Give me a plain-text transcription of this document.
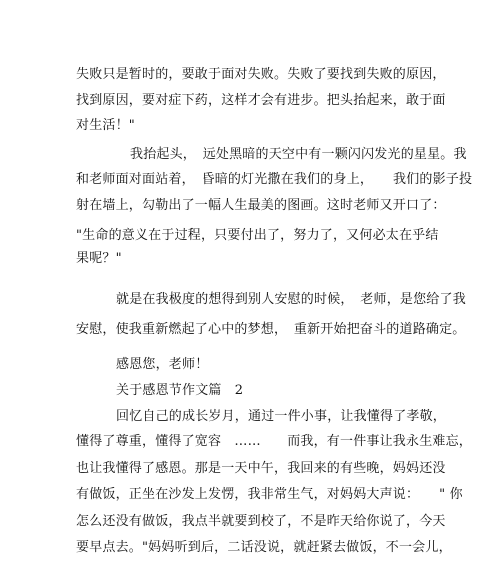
失败只是暂时的，要敢于面对失败。失败了要找到失败的原因，
找到原因，要对症下药，这样才会有进步。把头抬起来，敢于面
对生活！"
我抬起头，　远处黑暗的天空中有一颗闪闪发光的星星。我
和老师面对面站着，　昏暗的灯光撒在我们的身上，　　我们的影子投
射在墙上，勾勒出了一幅人生最美的图画。这时老师又开口了：
"生命的意义在于过程，只要付出了，努力了，又何必太在乎结
果呢？"
就是在我极度的想得到别人安慰的时候，　老师，是您给了我
安慰，使我重新燃起了心中的梦想，　重新开始把奋斗的道路确定。
感恩您，老师！
关于感恩节作文篇　2
回忆自己的成长岁月，通过一件小事，让我懂得了孝敬，
懂得了尊重，懂得了宽容　……　　而我，有一件事让我永生难忘，
也让我懂得了感恩。那是一天中午，我回来的有些晚，妈妈还没
有做饭，正坐在沙发上发愣，我非常生气，对妈妈大声说：　　" 你
怎么还没有做饭，我点半就要到校了，不是昨天给你说了，今天
要早点去。"妈妈听到后，二话没说，就赶紧去做饭，不一会儿，
